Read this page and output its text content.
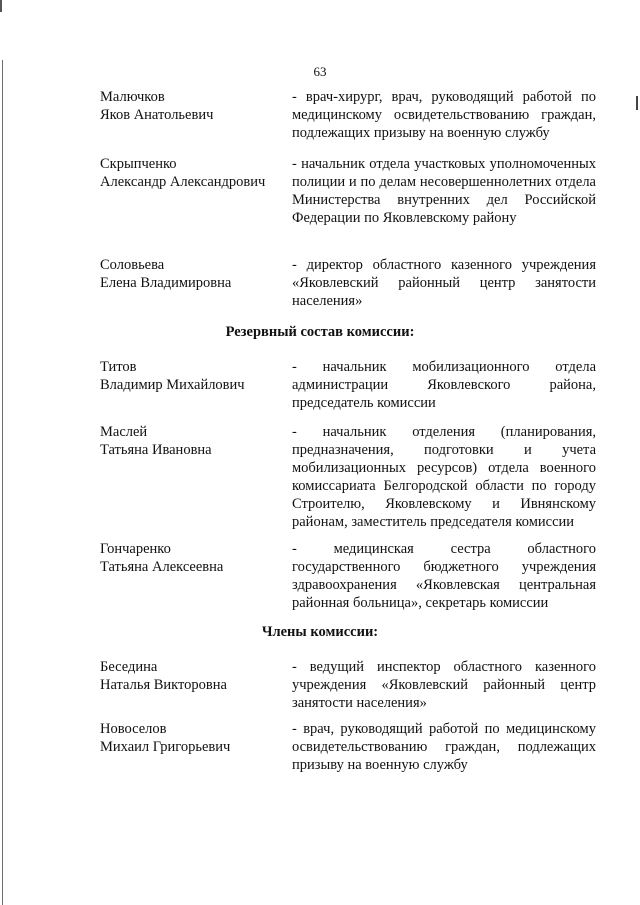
63
Малючков
Яков Анатольевич
- врач-хирург, врач, руководящий работой по медицинскому освидетельствованию граждан, подлежащих призыву на военную службу
Скрыпченко
Александр Александрович
- начальник отдела участковых уполномоченных полиции и по делам несовершеннолетних отдела Министерства внутренних дел Российской Федерации по Яковлевскому району
Соловьева
Елена Владимировна
- директор областного казенного учреждения «Яковлевский районный центр занятости населения»
Резервный состав комиссии:
Титов
Владимир Михайлович
- начальник мобилизационного отдела администрации Яковлевского района, председатель комиссии
Маслей
Татьяна Ивановна
- начальник отделения (планирования, предназначения, подготовки и учета мобилизационных ресурсов) отдела военного комиссариата Белгородской области по городу Строителю, Яковлевскому и Ивнянскому районам, заместитель председателя комиссии
Гончаренко
Татьяна Алексеевна
- медицинская сестра областного государственного бюджетного учреждения здравоохранения «Яковлевская центральная районная больница», секретарь комиссии
Члены комиссии:
Беседина
Наталья Викторовна
- ведущий инспектор областного казенного учреждения «Яковлевский районный центр занятости населения»
Новоселов
Михаил Григорьевич
- врач, руководящий работой по медицинскому освидетельствованию граждан, подлежащих призыву на военную службу
